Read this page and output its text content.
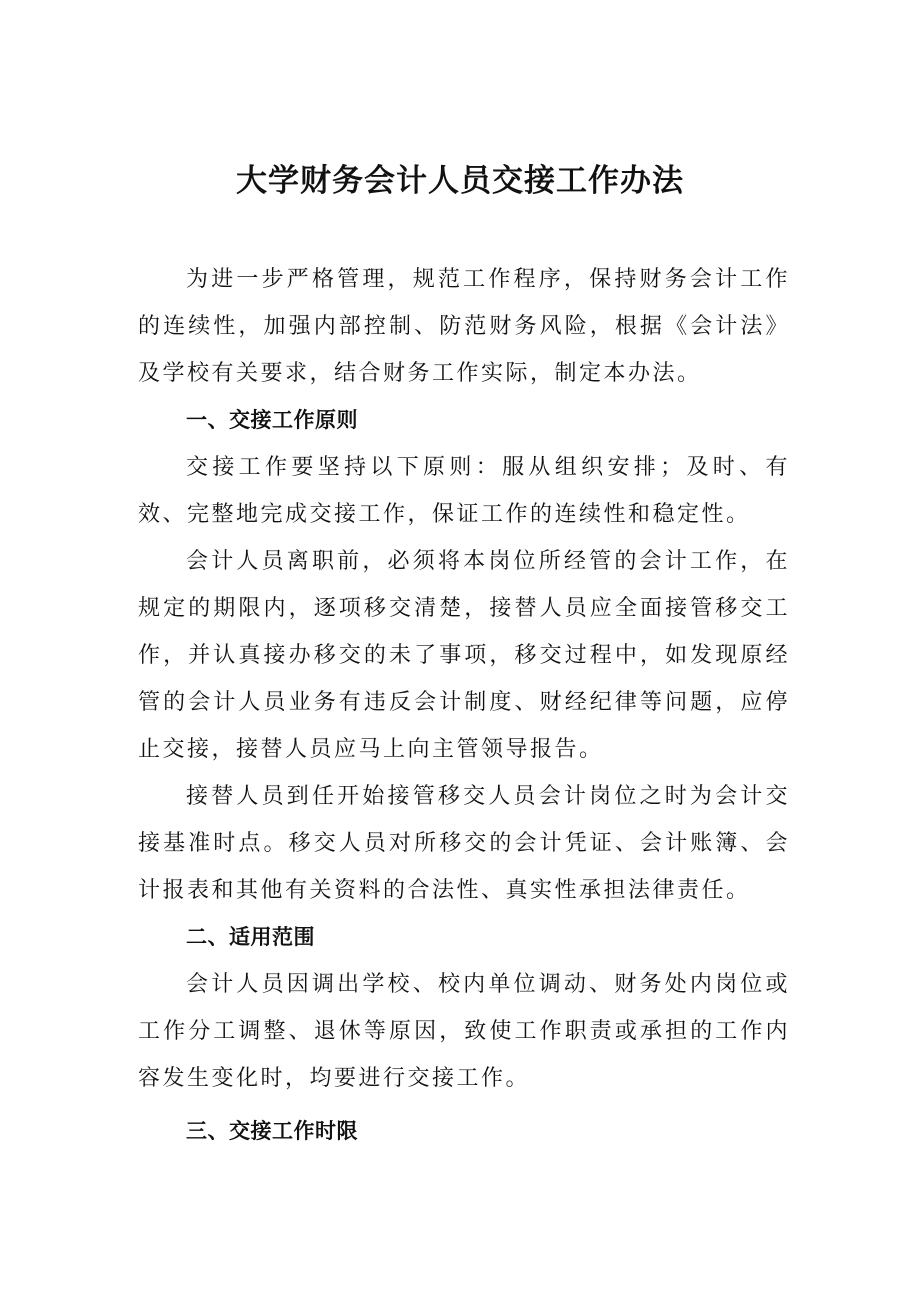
大学财务会计人员交接工作办法

为进一步严格管理，规范工作程序，保持财务会计工作的连续性，加强内部控制、防范财务风险，根据《会计法》及学校有关要求，结合财务工作实际，制定本办法。

一、交接工作原则

交接工作要坚持以下原则：服从组织安排；及时、有效、完整地完成交接工作，保证工作的连续性和稳定性。

会计人员离职前，必须将本岗位所经管的会计工作，在规定的期限内，逐项移交清楚，接替人员应全面接管移交工作，并认真接办移交的未了事项，移交过程中，如发现原经管的会计人员业务有违反会计制度、财经纪律等问题，应停止交接，接替人员应马上向主管领导报告。

接替人员到任开始接管移交人员会计岗位之时为会计交接基准时点。移交人员对所移交的会计凭证、会计账簿、会计报表和其他有关资料的合法性、真实性承担法律责任。

二、适用范围

会计人员因调出学校、校内单位调动、财务处内岗位或工作分工调整、退休等原因，致使工作职责或承担的工作内容发生变化时，均要进行交接工作。

三、交接工作时限
